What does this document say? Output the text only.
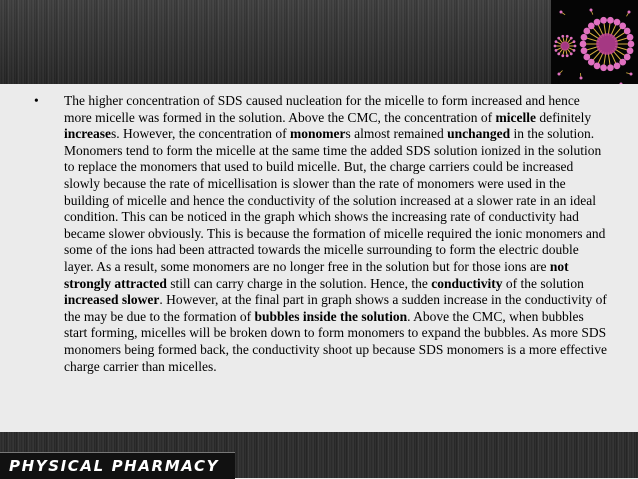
•	The higher concentration of SDS caused nucleation for the micelle to form increased and hence more micelle was formed in the solution. Above the CMC, the concentration of micelle definitely increases. However, the concentration of monomers almost remained unchanged in the solution. Monomers tend to form the micelle at the same time the added SDS solution ionized in the solution to replace the monomers that used to build micelle. But, the charge carriers could be increased slowly because the rate of micellisation is slower than the rate of monomers were used in the building of micelle and hence the conductivity of the solution increased at a slower rate in an ideal condition. This can be noticed in the graph which shows the increasing rate of conductivity had became slower obviously. This is because the formation of micelle required the ionic monomers and some of the ions had been attracted towards the micelle surrounding to form the electric double layer. As a result, some monomers are no longer free in the solution but for those ions are not strongly attracted still can carry charge in the solution. Hence, the conductivity of the solution increased slower. However, at the final part in graph shows a sudden increase in the conductivity of the may be due to the formation of bubbles inside the solution. Above the CMC, when bubbles start forming, micelles will be broken down to form monomers to expand the bubbles. As more SDS monomers being formed back, the conductivity shoot up because SDS monomers is a more effective charge carrier than micelles.
PHYSICAL PHARMACY
